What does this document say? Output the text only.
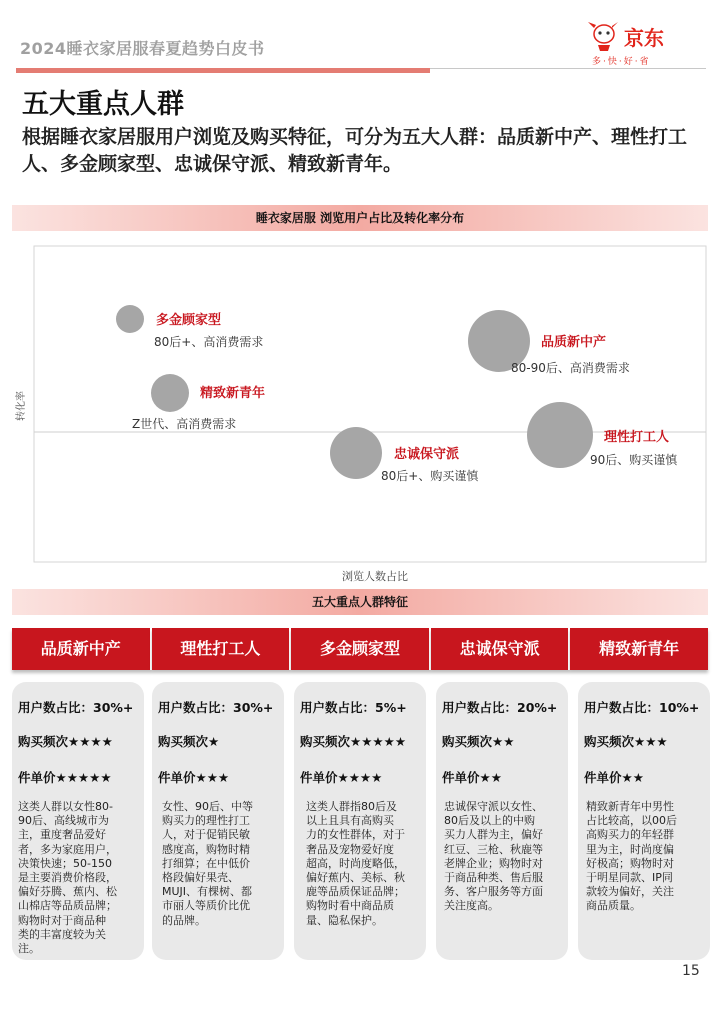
2024睡衣家居服春夏趋势白皮书	京东
多·快·好·省
五大重点人群
根据睡衣家居服用户浏览及购买特征，可分为五大人群：品质新中产、理性打工人、多金顾家型、忠诚保守派、精致新青年。
睡衣家居服 浏览用户占比及转化率分布
转化率
浏览人数占比
多金顾家型
80后+、高消费需求
精致新青年
Z世代、高消费需求
品质新中产
80-90后、高消费需求
忠诚保守派
80后+、购买谨慎
理性打工人
90后、购买谨慎
五大重点人群特征
品质新中产	理性打工人	多金顾家型	忠诚保守派	精致新青年
用户数占比：30%+
购买频次★★★★
件单价★★★★★
这类人群以女性80-
90后、高线城市为
主，重度奢品爱好
者，多为家庭用户，
决策快速；50-150
是主要消费价格段，
偏好芬腾、蕉内、松
山棉店等品质品牌；
购物时对于商品种
类的丰富度较为关
注。
用户数占比：30%+
购买频次★
件单价★★★
女性、90后、中等
购买力的理性打工
人，对于促销民敏
感度高，购物时精
打细算；在中低价
格段偏好果壳、
MUJI、有棵树、都
市丽人等质价比优
的品牌。
用户数占比：5%+
购买频次★★★★★
件单价★★★★
这类人群指80后及
以上且具有高购买
力的女性群体，对于
奢品及宠物爱好度
超高，时尚度略低，
偏好蕉内、美标、秋
鹿等品质保证品牌；
购物时看中商品质
量、隐私保护。
用户数占比：20%+
购买频次★★
件单价★★
忠诚保守派以女性、
80后及以上的中购
买力人群为主，偏好
红豆、三枪、秋鹿等
老牌企业；购物时对
于商品种类、售后服
务、客户服务等方面
关注度高。
用户数占比：10%+
购买频次★★★
件单价★★
精致新青年中男性
占比较高，以00后
高购买力的年轻群
里为主，时尚度偏
好极高；购物时对
于明星同款、IP同
款较为偏好，关注
商品质量。
15
